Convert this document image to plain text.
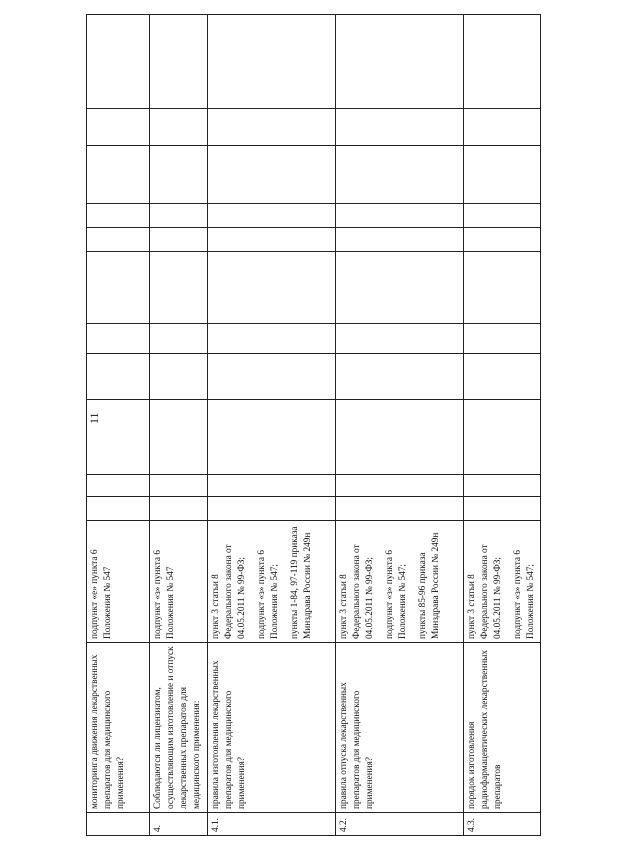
11
	мониторинга движения лекарственных препаратов для медицинского применения?	подпункт «e» пункта 6 Положения № 547											

4.	Соблюдаются ли лицензиатом, осуществляющим изготовление и отпуск лекарственных препаратов для медицинского применения:	подпункт «з» пункта 6 Положения № 547											

4.1.	правила изготовления лекарственных препаратов для медицинского применения?	пункт 3 статьи 8 Федерального закона от 04.05.2011 № 99-ФЗ; подпункт «з» пункта 6 Положения № 547; пункты 1-84, 97-119 приказа Минздрава России № 249н											

4.2.	правила отпуска лекарственных препаратов для медицинского применения?	пункт 3 статьи 8 Федерального закона от 04.05.2011 № 99-ФЗ; подпункт «з» пункта 6 Положения № 547; пункты 85-96 приказа Минздрава России № 249н											

4.3.	порядок изготовления радиофармацевтических лекарственных препаратов	пункт 3 статьи 8 Федерального закона от 04.05.2011 № 99-ФЗ; подпункт «з» пункта 6 Положения № 547;											
